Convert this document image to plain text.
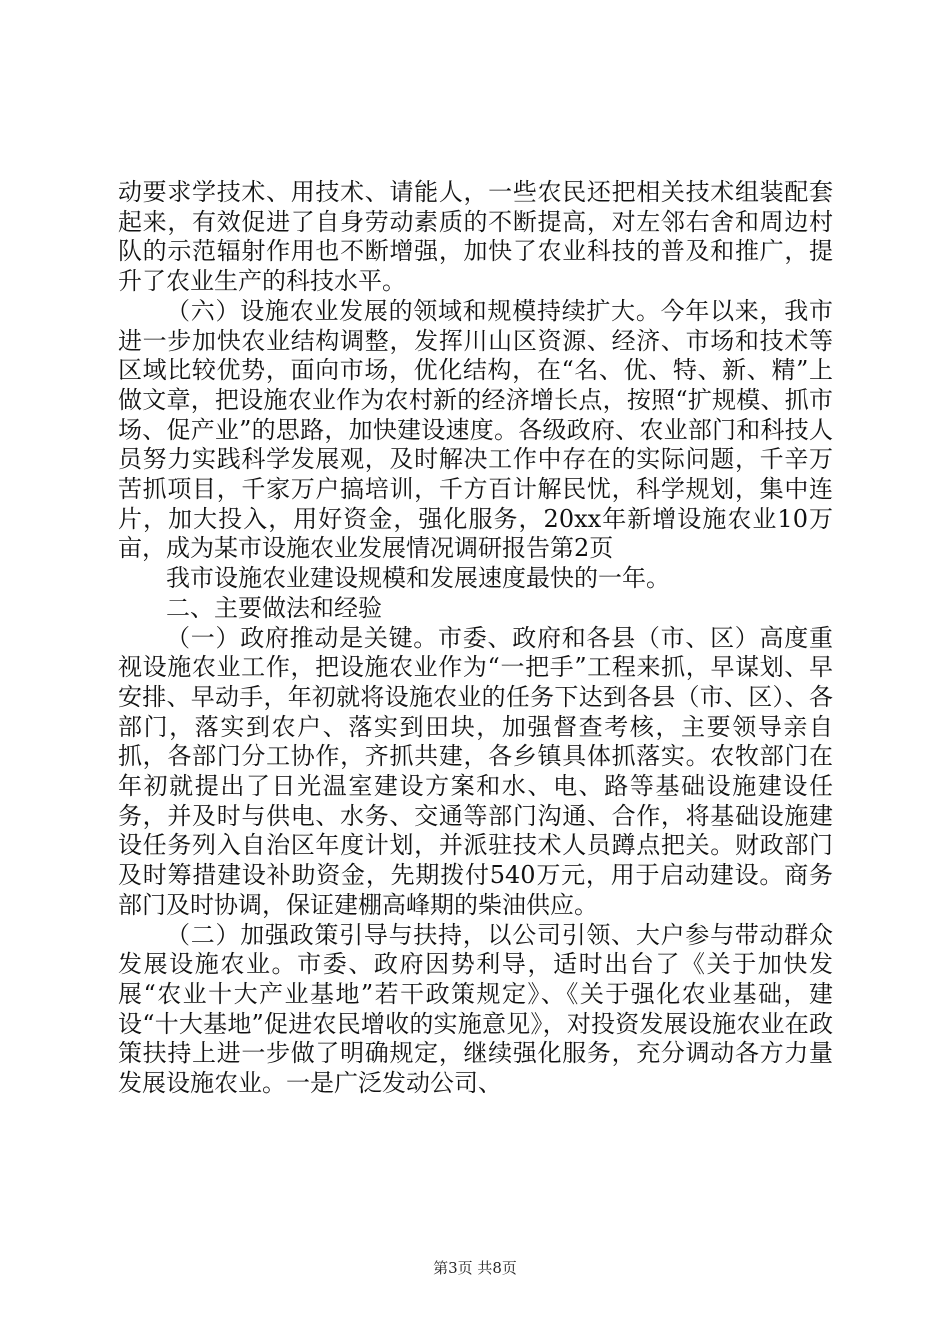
动要求学技术、用技术、请能人，一些农民还把相关技术组装配套起来，有效促进了自身劳动素质的不断提高，对左邻右舍和周边村队的示范辐射作用也不断增强，加快了农业科技的普及和推广，提升了农业生产的科技水平。

（六）设施农业发展的领域和规模持续扩大。今年以来，我市进一步加快农业结构调整，发挥川山区资源、经济、市场和技术等区域比较优势，面向市场，优化结构，在“名、优、特、新、精”上做文章，把设施农业作为农村新的经济增长点，按照“扩规模、抓市场、促产业”的思路，加快建设速度。各级政府、农业部门和科技人员努力实践科学发展观，及时解决工作中存在的实际问题，千辛万苦抓项目，千家万户搞培训，千方百计解民忧，科学规划，集中连片，加大投入，用好资金，强化服务，20xx年新增设施农业10万亩，成为某市设施农业发展情况调研报告第2页

我市设施农业建设规模和发展速度最快的一年。

二、主要做法和经验

（一）政府推动是关键。市委、政府和各县（市、区）高度重视设施农业工作，把设施农业作为“一把手”工程来抓，早谋划、早安排、早动手，年初就将设施农业的任务下达到各县（市、区）、各部门，落实到农户、落实到田块，加强督查考核，主要领导亲自抓，各部门分工协作，齐抓共建，各乡镇具体抓落实。农牧部门在年初就提出了日光温室建设方案和水、电、路等基础设施建设任务，并及时与供电、水务、交通等部门沟通、合作，将基础设施建设任务列入自治区年度计划，并派驻技术人员蹲点把关。财政部门及时筹措建设补助资金，先期拨付540万元，用于启动建设。商务部门及时协调，保证建棚高峰期的柴油供应。

（二）加强政策引导与扶持，以公司引领、大户参与带动群众发展设施农业。市委、政府因势利导，适时出台了《关于加快发展“农业十大产业基地”若干政策规定》、《关于强化农业基础，建设“十大基地”促进农民增收的实施意见》，对投资发展设施农业在政策扶持上进一步做了明确规定，继续强化服务，充分调动各方力量发展设施农业。一是广泛发动公司、

第3页 共8页
